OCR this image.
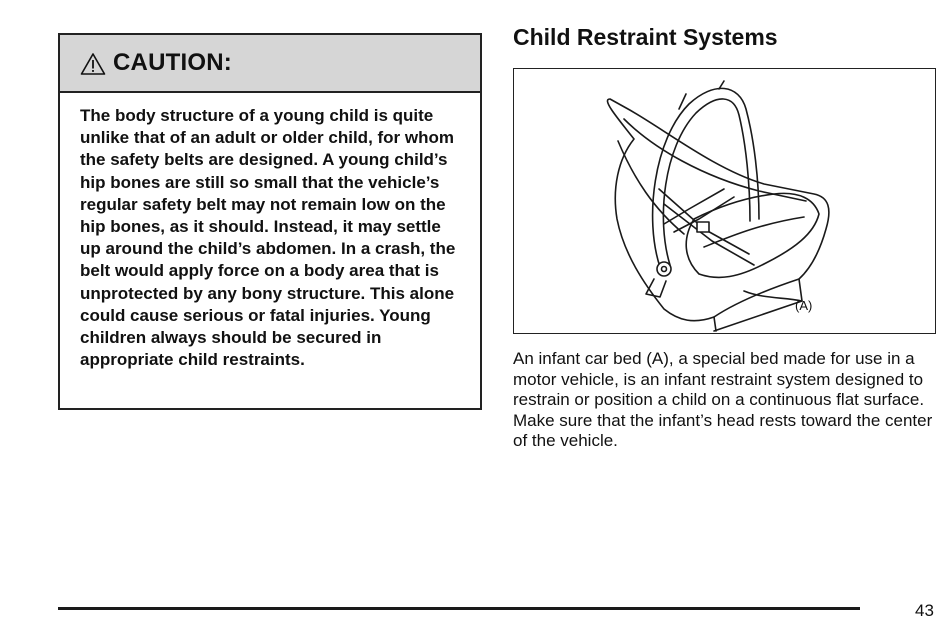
CAUTION:
The body structure of a young child is quite unlike that of an adult or older child, for whom the safety belts are designed. A young child’s hip bones are still so small that the vehicle’s regular safety belt may not remain low on the hip bones, as it should. Instead, it may settle up around the child’s abdomen. In a crash, the belt would apply force on a body area that is unprotected by any bony structure. This alone could cause serious or fatal injuries. Young children always should be secured in appropriate child restraints.
Child Restraint Systems
(A)

An infant car bed (A), a special bed made for use in a motor vehicle, is an infant restraint system designed to restrain or position a child on a continuous flat surface. Make sure that the infant’s head rests toward the center of the vehicle.

43
